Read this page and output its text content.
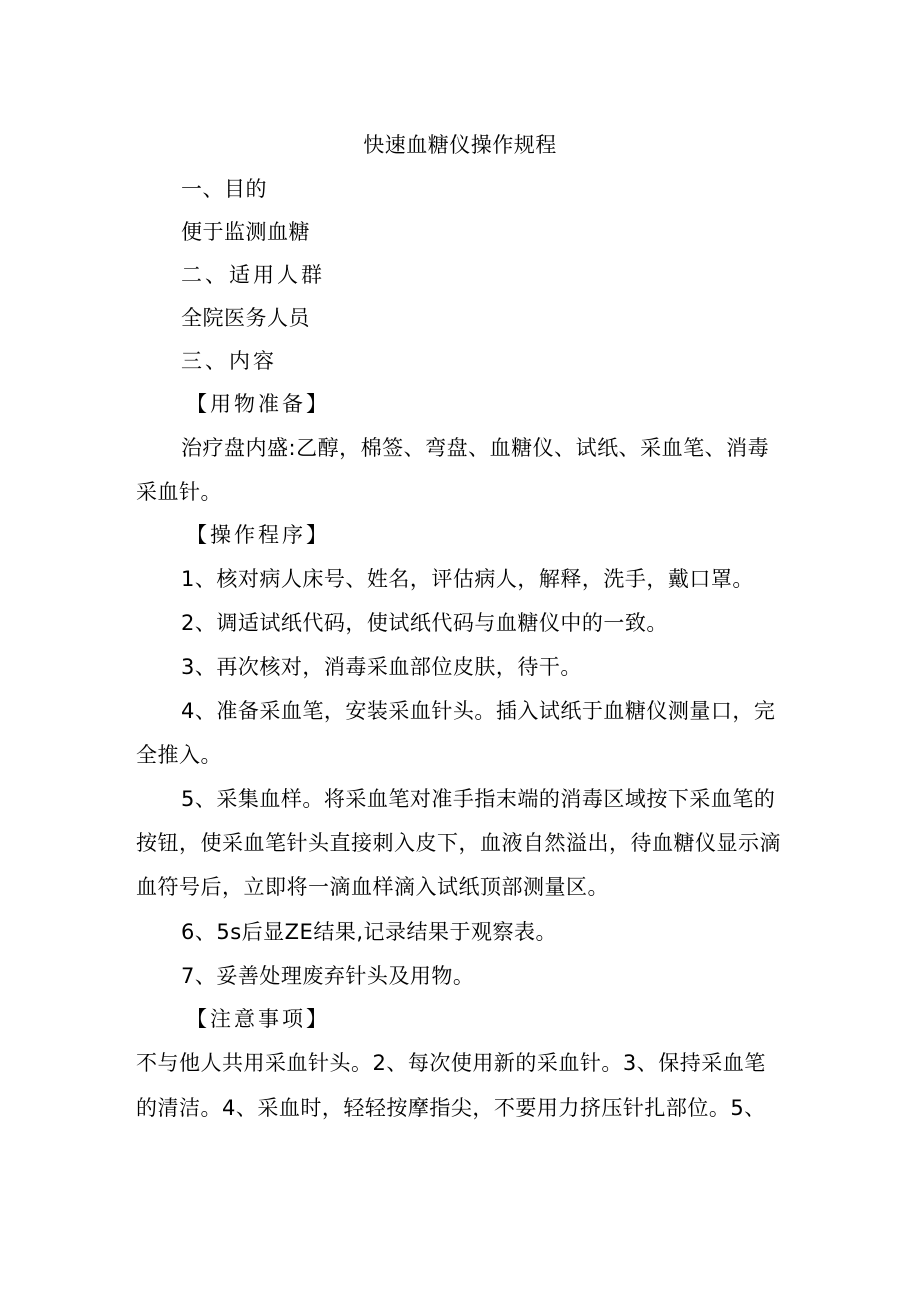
快速血糖仪操作规程
一、目的
便于监测血糖
二、适用人群
全院医务人员
三、内容
【用物准备】
治疗盘内盛:乙醇，棉签、弯盘、血糖仪、试纸、采血笔、消毒
采血针。
【操作程序】
1、核对病人床号、姓名，评估病人，解释，洗手，戴口罩。
2、调适试纸代码，使试纸代码与血糖仪中的一致。
3、再次核对，消毒采血部位皮肤，待干。
4、准备采血笔，安装采血针头。插入试纸于血糖仪测量口，完
全推入。
5、采集血样。将采血笔对准手指末端的消毒区域按下采血笔的
按钮，使采血笔针头直接刺入皮下，血液自然溢出，待血糖仪显示滴
血符号后，立即将一滴血样滴入试纸顶部测量区。
6、5s后显ZE结果,记录结果于观察表。
7、妥善处理废弃针头及用物。
【注意事项】
不与他人共用采血针头。2、每次使用新的采血针。3、保持采血笔
的清洁。4、采血时，轻轻按摩指尖，不要用力挤压针扎部位。5、
